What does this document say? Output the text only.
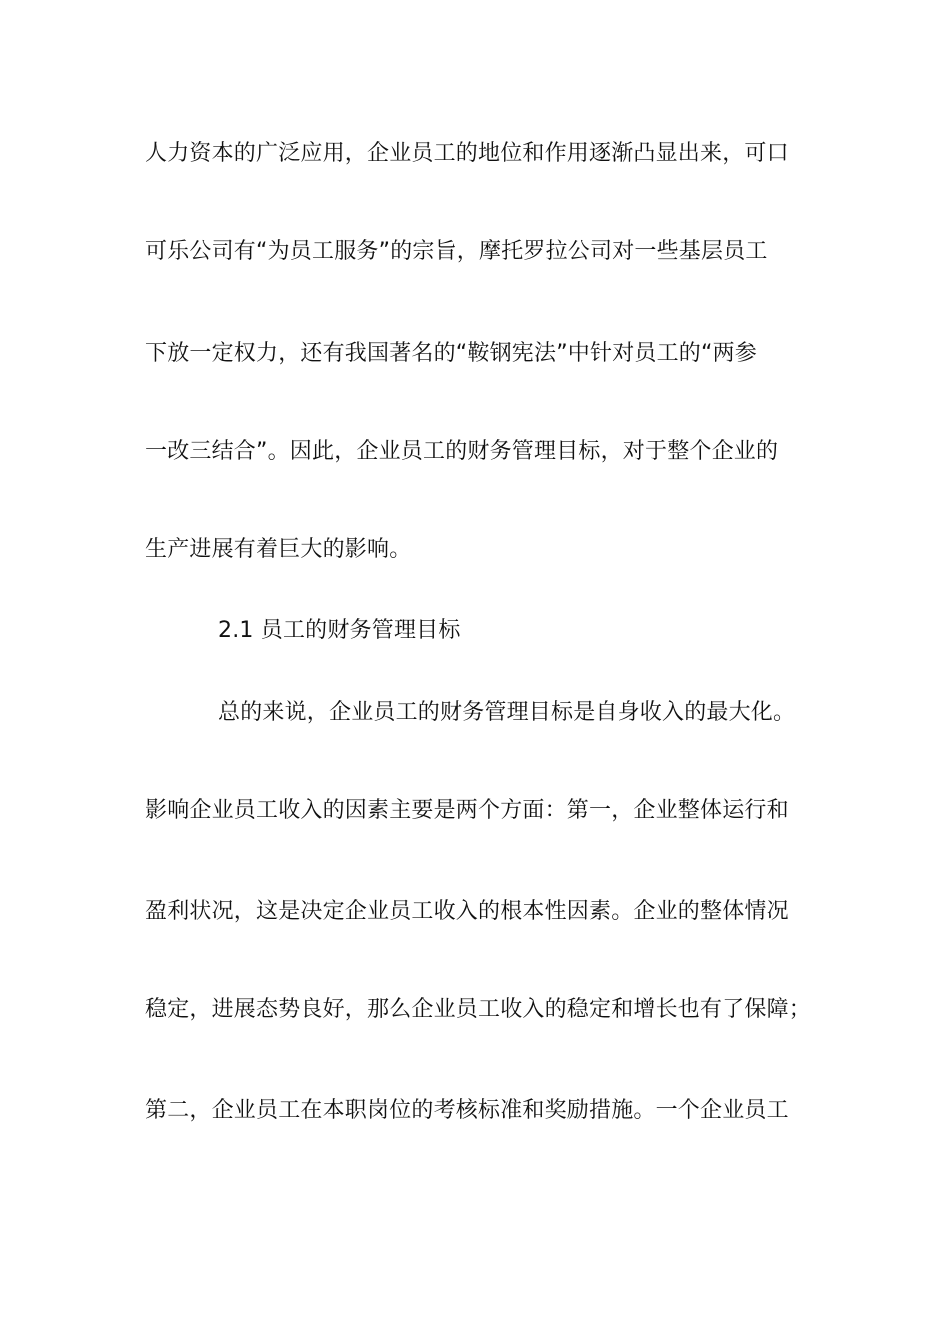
人力资本的广泛应用，企业员工的地位和作用逐渐凸显出来，可口
可乐公司有“为员工服务”的宗旨，摩托罗拉公司对一些基层员工
下放一定权力，还有我国著名的“鞍钢宪法”中针对员工的“两参
一改三结合”。因此，企业员工的财务管理目标，对于整个企业的
生产进展有着巨大的影响。
2.1 员工的财务管理目标
总的来说，企业员工的财务管理目标是自身收入的最大化。
影响企业员工收入的因素主要是两个方面：第一，企业整体运行和
盈利状况，这是决定企业员工收入的根本性因素。企业的整体情况
稳定，进展态势良好，那么企业员工收入的稳定和增长也有了保障；
第二，企业员工在本职岗位的考核标准和奖励措施。一个企业员工
